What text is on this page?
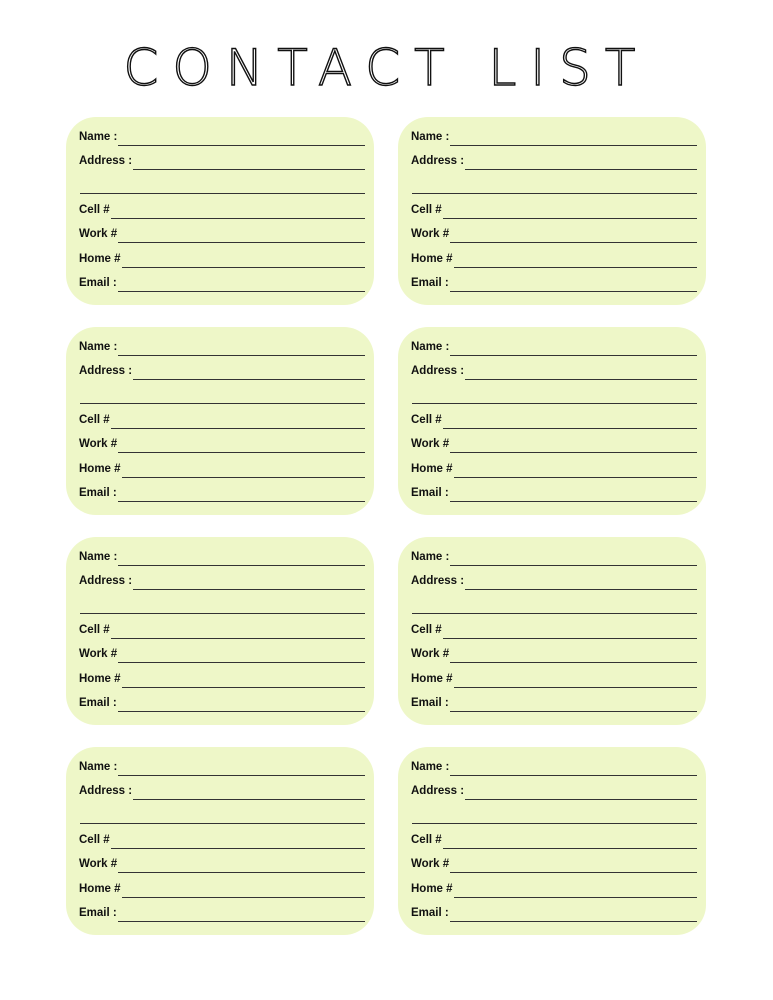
CONTACT LIST
Name :
Address :
Cell #
Work #
Home #
Email :
Name :
Address :
Cell #
Work #
Home #
Email :
Name :
Address :
Cell #
Work #
Home #
Email :
Name :
Address :
Cell #
Work #
Home #
Email :
Name :
Address :
Cell #
Work #
Home #
Email :
Name :
Address :
Cell #
Work #
Home #
Email :
Name :
Address :
Cell #
Work #
Home #
Email :
Name :
Address :
Cell #
Work #
Home #
Email :
